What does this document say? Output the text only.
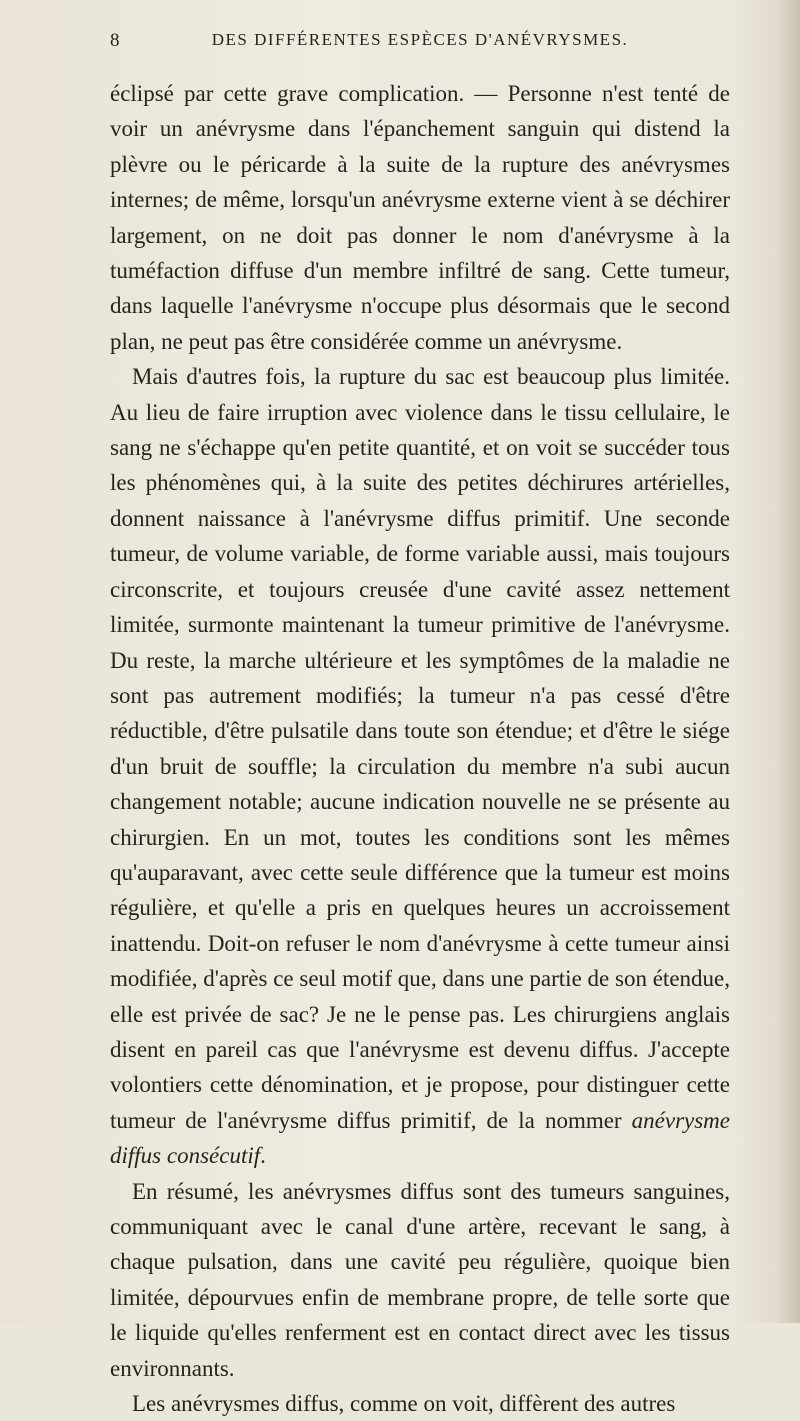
8	DES DIFFÉRENTES ESPÈCES D'ANÉVRYSMES.

éclipsé par cette grave complication. — Personne n'est tenté de voir un anévrysme dans l'épanchement sanguin qui distend la plèvre ou le péricarde à la suite de la rupture des anévrysmes internes; de même, lorsqu'un anévrysme externe vient à se déchirer largement, on ne doit pas donner le nom d'anévrysme à la tuméfaction diffuse d'un membre infiltré de sang. Cette tumeur, dans laquelle l'anévrysme n'occupe plus désormais que le second plan, ne peut pas être considérée comme un anévrysme.

Mais d'autres fois, la rupture du sac est beaucoup plus limitée. Au lieu de faire irruption avec violence dans le tissu cellulaire, le sang ne s'échappe qu'en petite quantité, et on voit se succéder tous les phénomènes qui, à la suite des petites déchirures artérielles, donnent naissance à l'anévrysme diffus primitif. Une seconde tumeur, de volume variable, de forme variable aussi, mais toujours circonscrite, et toujours creusée d'une cavité assez nettement limitée, surmonte maintenant la tumeur primitive de l'anévrysme. Du reste, la marche ultérieure et les symptômes de la maladie ne sont pas autrement modifiés; la tumeur n'a pas cessé d'être réductible, d'être pulsatile dans toute son étendue; et d'être le siége d'un bruit de souffle; la circulation du membre n'a subi aucun changement notable; aucune indication nouvelle ne se présente au chirurgien. En un mot, toutes les conditions sont les mêmes qu'auparavant, avec cette seule différence que la tumeur est moins régulière, et qu'elle a pris en quelques heures un accroissement inattendu. Doit-on refuser le nom d'anévrysme à cette tumeur ainsi modifiée, d'après ce seul motif que, dans une partie de son étendue, elle est privée de sac? Je ne le pense pas. Les chirurgiens anglais disent en pareil cas que l'anévrysme est devenu diffus. J'accepte volontiers cette dénomination, et je propose, pour distinguer cette tumeur de l'anévrysme diffus primitif, de la nommer anévrysme diffus consécutif.

En résumé, les anévrysmes diffus sont des tumeurs sanguines, communiquant avec le canal d'une artère, recevant le sang, à chaque pulsation, dans une cavité peu régulière, quoique bien limitée, dépourvues enfin de membrane propre, de telle sorte que le liquide qu'elles renferment est en contact direct avec les tissus environnants.

Les anévrysmes diffus, comme on voit, diffèrent des autres
